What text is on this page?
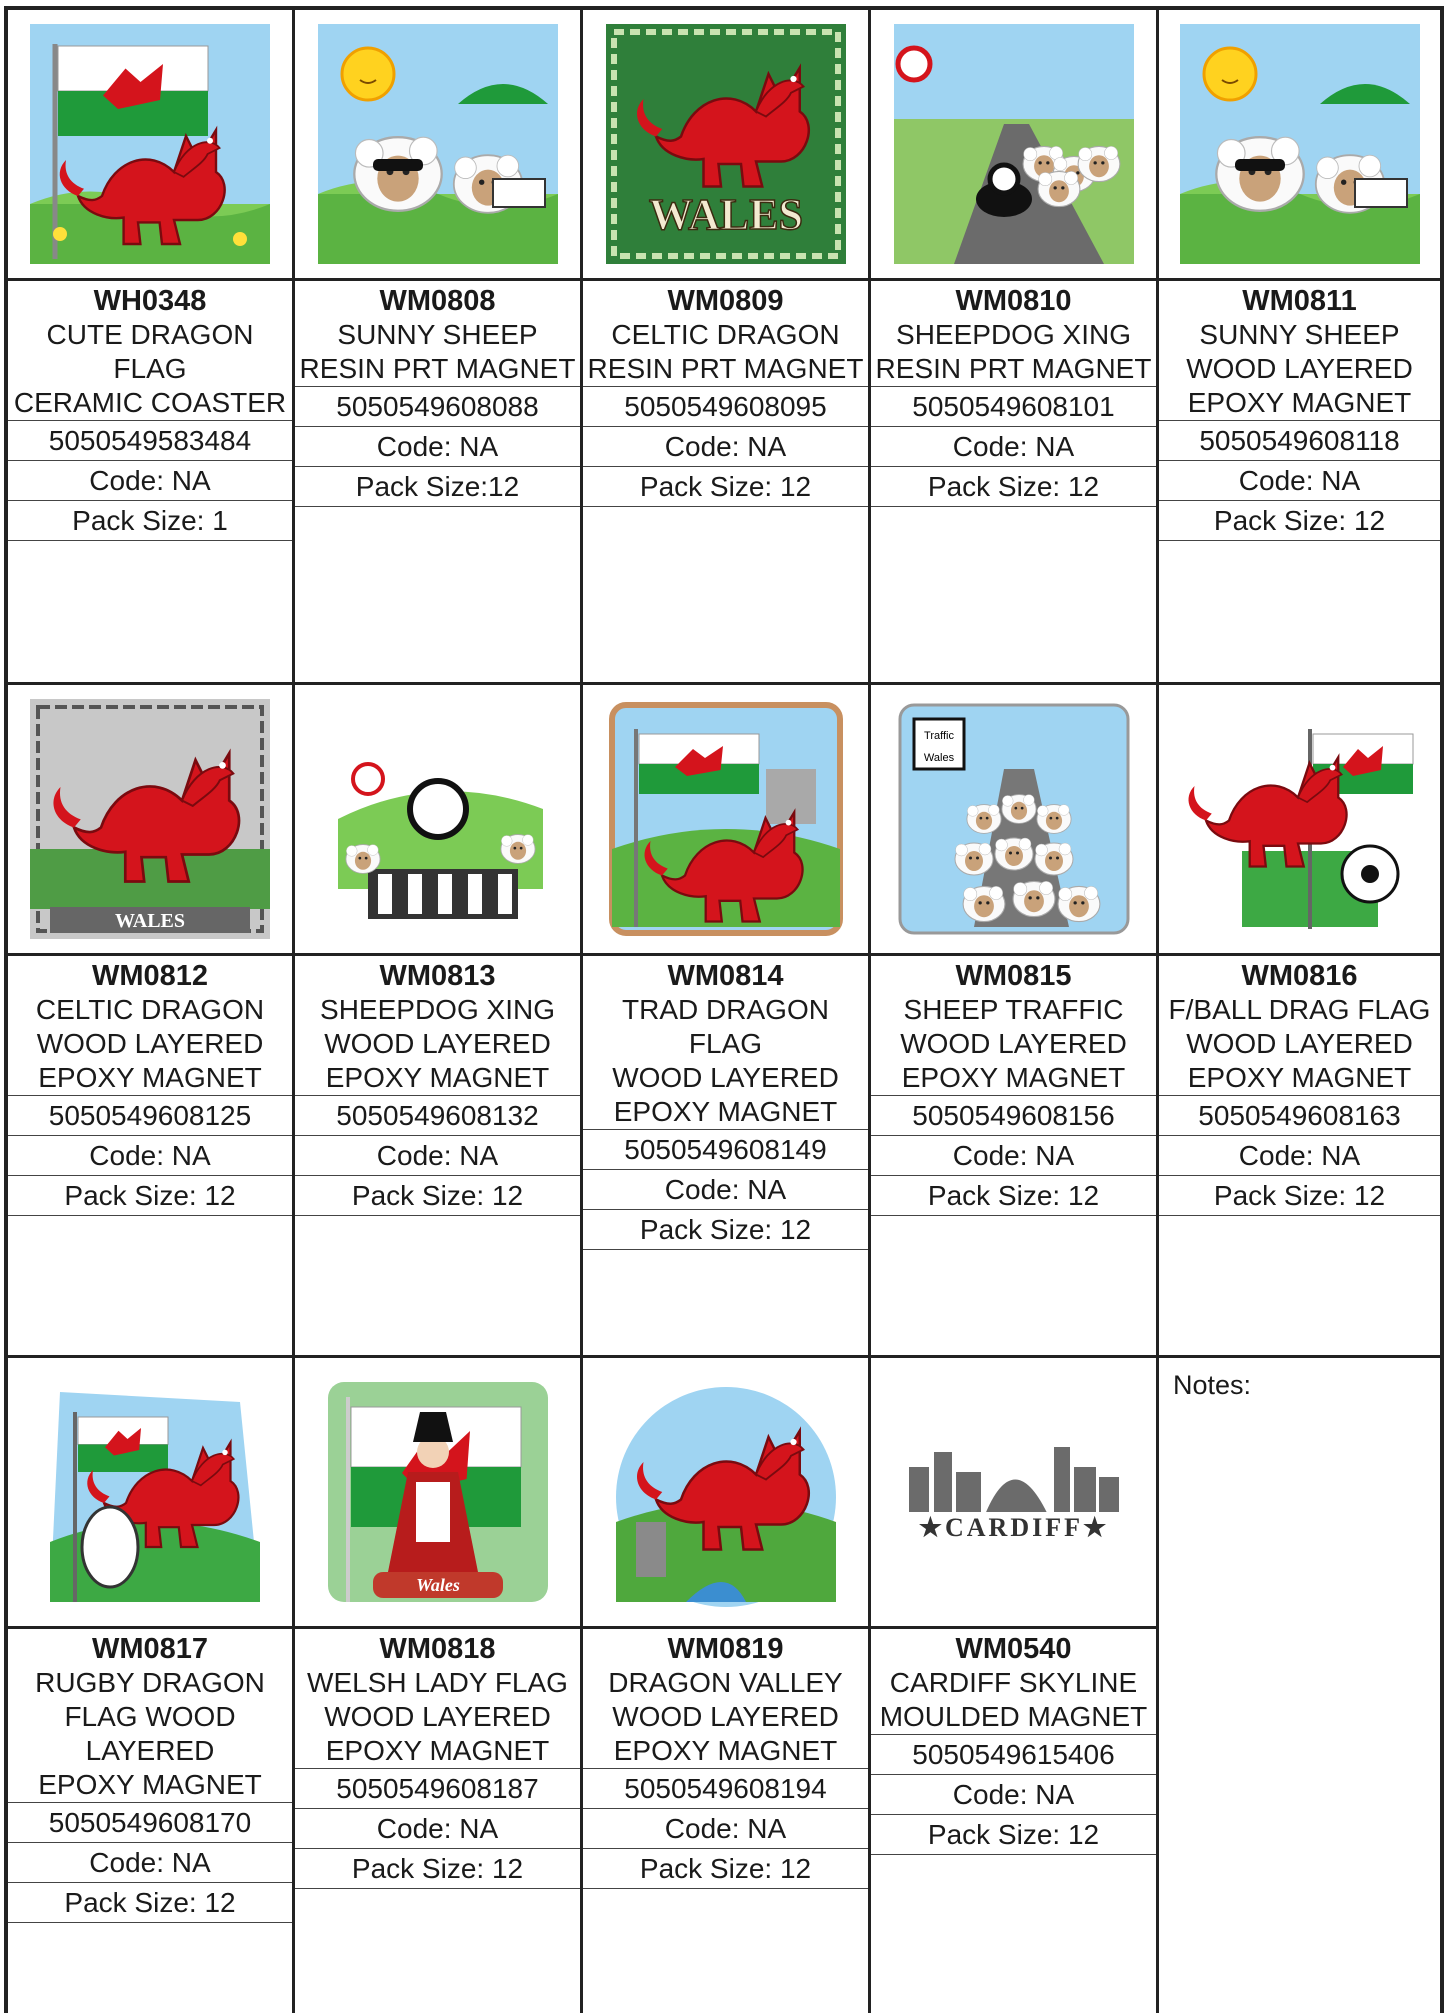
WH0348
CUTE DRAGON FLAG
CERAMIC COASTER
5050549583484
Code: NA
Pack Size: 1
WM0808
SUNNY SHEEP
RESIN PRT MAGNET
5050549608088
Code: NA
Pack Size:12
WALES
WM0809
CELTIC DRAGON
RESIN PRT MAGNET
5050549608095
Code: NA
Pack Size: 12
WM0810
SHEEPDOG XING
RESIN PRT MAGNET
5050549608101
Code: NA
Pack Size: 12
WM0811
SUNNY SHEEP
WOOD LAYERED
EPOXY MAGNET
5050549608118
Code: NA
Pack Size: 12
WALES
WM0812
CELTIC DRAGON
WOOD LAYERED
EPOXY MAGNET
5050549608125
Code: NA
Pack Size: 12
WM0813
SHEEPDOG XING
WOOD LAYERED
EPOXY MAGNET
5050549608132
Code: NA
Pack Size: 12
WM0814
TRAD DRAGON FLAG
WOOD LAYERED
EPOXY MAGNET
5050549608149
Code: NA
Pack Size: 12
Traffic
Wales
WM0815
SHEEP TRAFFIC
WOOD LAYERED
EPOXY MAGNET
5050549608156
Code: NA
Pack Size: 12
WM0816
F/BALL DRAG FLAG
WOOD LAYERED
EPOXY MAGNET
5050549608163
Code: NA
Pack Size: 12
WM0817
RUGBY DRAGON
FLAG WOOD LAYERED
EPOXY MAGNET
5050549608170
Code: NA
Pack Size: 12
Wales
WM0818
WELSH LADY FLAG
WOOD LAYERED
EPOXY MAGNET
5050549608187
Code: NA
Pack Size: 12
WM0819
DRAGON VALLEY
WOOD LAYERED
EPOXY MAGNET
5050549608194
Code: NA
Pack Size: 12
★CARDIFF★
WM0540
CARDIFF SKYLINE
MOULDED MAGNET
5050549615406
Code: NA
Pack Size: 12
Notes:
